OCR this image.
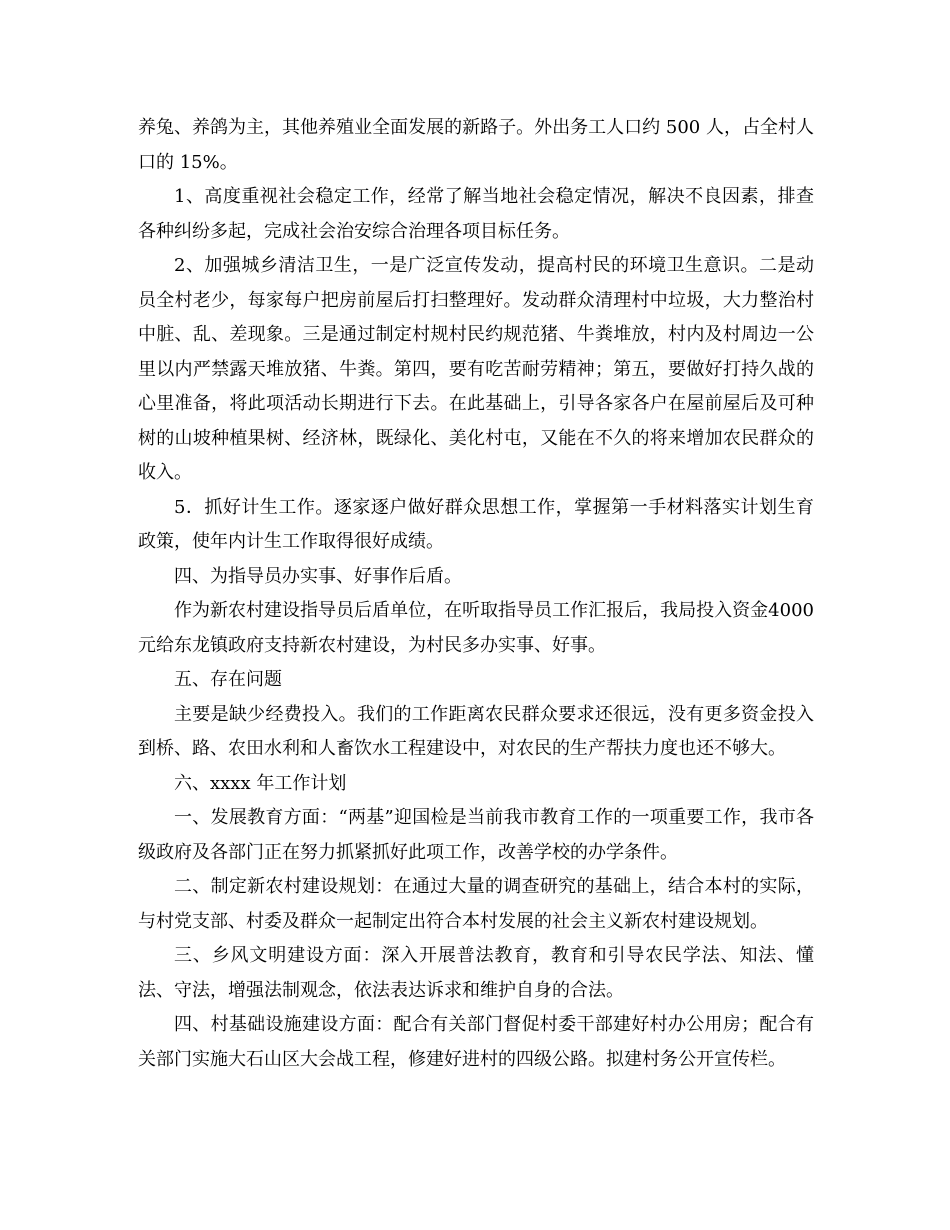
养兔、养鸽为主，其他养殖业全面发展的新路子。外出务工人口约 500 人，占全村人口的 15%。

1、高度重视社会稳定工作，经常了解当地社会稳定情况，解决不良因素，排查各种纠纷多起，完成社会治安综合治理各项目标任务。

2、加强城乡清洁卫生，一是广泛宣传发动，提高村民的环境卫生意识。二是动员全村老少，每家每户把房前屋后打扫整理好。发动群众清理村中垃圾，大力整治村中脏、乱、差现象。三是通过制定村规村民约规范猪、牛粪堆放，村内及村周边一公里以内严禁露天堆放猪、牛粪。第四，要有吃苦耐劳精神；第五，要做好打持久战的心里准备，将此项活动长期进行下去。在此基础上，引导各家各户在屋前屋后及可种树的山坡种植果树、经济林，既绿化、美化村屯，又能在不久的将来增加农民群众的收入。

5．抓好计生工作。逐家逐户做好群众思想工作，掌握第一手材料落实计划生育政策，使年内计生工作取得很好成绩。

四、为指导员办实事、好事作后盾。

作为新农村建设指导员后盾单位，在听取指导员工作汇报后，我局投入资金4000 元给东龙镇政府支持新农村建设，为村民多办实事、好事。

五、存在问题

主要是缺少经费投入。我们的工作距离农民群众要求还很远，没有更多资金投入到桥、路、农田水利和人畜饮水工程建设中，对农民的生产帮扶力度也还不够大。

六、xxxx 年工作计划

一、发展教育方面：“两基”迎国检是当前我市教育工作的一项重要工作，我市各级政府及各部门正在努力抓紧抓好此项工作，改善学校的办学条件。

二、制定新农村建设规划：在通过大量的调查研究的基础上，结合本村的实际，与村党支部、村委及群众一起制定出符合本村发展的社会主义新农村建设规划。

三、乡风文明建设方面：深入开展普法教育，教育和引导农民学法、知法、懂法、守法，增强法制观念，依法表达诉求和维护自身的合法。

四、村基础设施建设方面：配合有关部门督促村委干部建好村办公用房；配合有关部门实施大石山区大会战工程，修建好进村的四级公路。拟建村务公开宣传栏。
